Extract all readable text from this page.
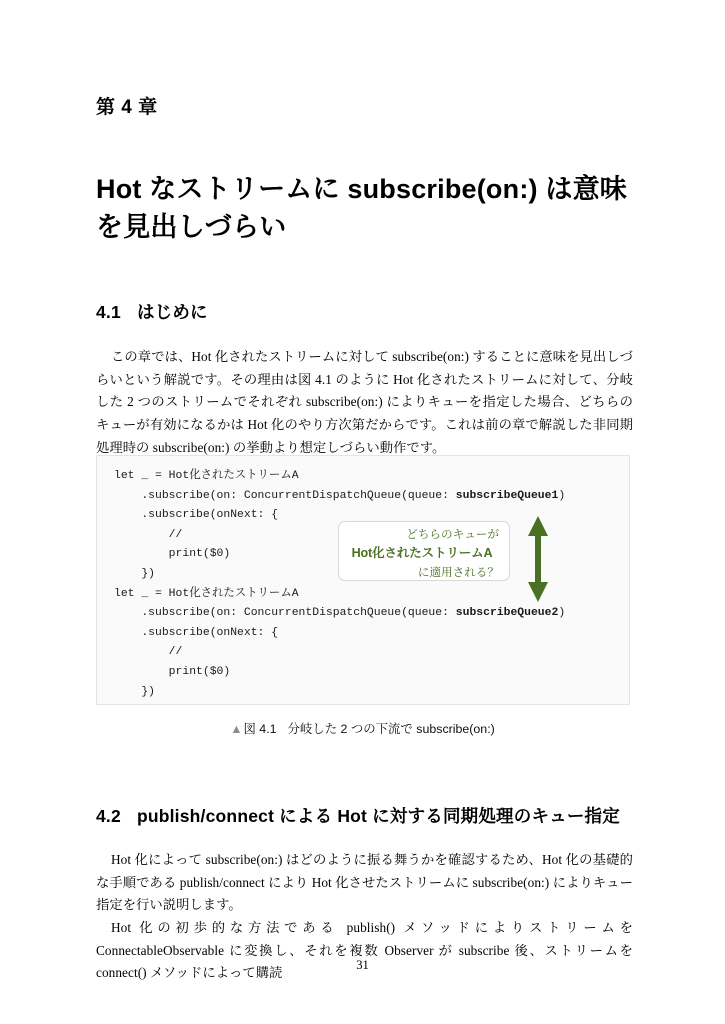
第 4 章
Hot なストリームに subscribe(on:) は意味を見出しづらい
4.1 はじめに

この章では、Hot 化されたストリームに対して subscribe(on:) することに意味を見出しづらいという解説です。その理由は図 4.1 のように Hot 化されたストリームに対して、分岐した 2 つのストリームでそれぞれ subscribe(on:) によりキューを指定した場合、どちらのキューが有効になるかは Hot 化のやり方次第だからです。これは前の章で解説した非同期処理時の subscribe(on:) の挙動より想定しづらい動作です。

let _ = Hot化されたストリームA
.subscribe(on: ConcurrentDispatchQueue(queue: subscribeQueue1)
.subscribe(onNext: {
//
print($0)
})
let _ = Hot化されたストリームA
.subscribe(on: ConcurrentDispatchQueue(queue: subscribeQueue2)
.subscribe(onNext: {
//
print($0)
})
どちらのキューが
Hot化されたストリームA
に適用される？
▲図 4.1 分岐した 2 つの下流で subscribe(on:)
4.2 publish/connect による Hot に対する同期処理のキュー指定

Hot 化によって subscribe(on:) はどのように振る舞うかを確認するため、Hot 化の基礎的な手順である publish/connect により Hot 化させたストリームに subscribe(on:) によりキュー指定を行い説明します。

Hot 化の初歩的な方法である publish() メソッドによりストリームを ConnectableObservable に変換し、それを複数 Observer が subscribe 後、ストリームを connect() メソッドによって購読

31
